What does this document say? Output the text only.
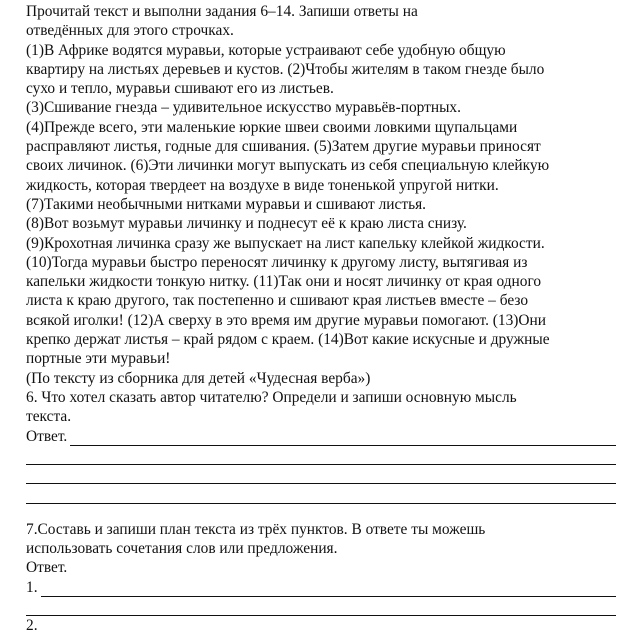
Прочитай текст и выполни задания 6–14. Запиши ответы на
отведённых для этого строчках.
(1)В Африке водятся муравьи, которые устраивают себе удобную общую
квартиру на листьях деревьев и кустов. (2)Чтобы жителям в таком гнезде было
сухо и тепло, муравьи сшивают его из листьев.
(3)Сшивание гнезда – удивительное искусство муравьёв-портных.
(4)Прежде всего, эти маленькие юркие швеи своими ловкими щупальцами
расправляют листья, годные для сшивания. (5)Затем другие муравьи приносят
своих личинок. (6)Эти личинки могут выпускать из себя специальную клейкую
жидкость, которая твердеет на воздухе в виде тоненькой упругой нитки.
(7)Такими необычными нитками муравьи и сшивают листья.
(8)Вот возьмут муравьи личинку и поднесут её к краю листа снизу.
(9)Крохотная личинка сразу же выпускает на лист капельку клейкой жидкости.
(10)Тогда муравьи быстро переносят личинку к другому листу, вытягивая из
капельки жидкости тонкую нитку. (11)Так они и носят личинку от края одного
листа к краю другого, так постепенно и сшивают края листьев вместе – безо
всякой иголки! (12)А сверху в это время им другие муравьи помогают. (13)Они
крепко держат листья – край рядом с краем. (14)Вот какие искусные и дружные
портные эти муравьи!
(По тексту из сборника для детей «Чудесная верба»)
6. Что хотел сказать автор читателю? Определи и запиши основную мысль
текста.
Ответ.
7.Составь и запиши план текста из трёх пунктов. В ответе ты можешь
использовать сочетания слов или предложения.
Ответ.
1.
2.
